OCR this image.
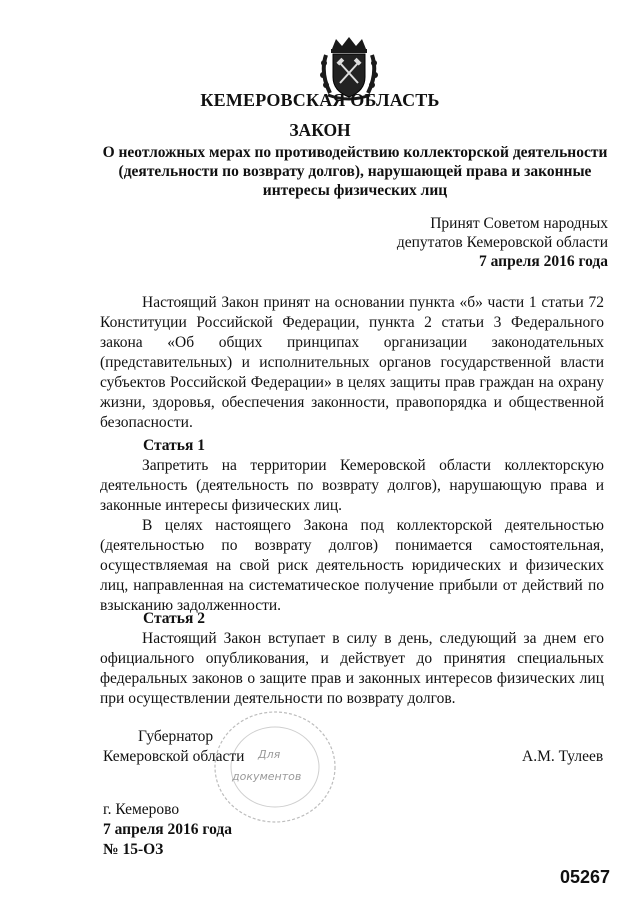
КЕМЕРОВСКАЯ ОБЛАСТЬ
ЗАКОН
О неотложных мерах по противодействию коллекторской деятельности
(деятельности по возврату долгов), нарушающей права и законные
интересы физических лиц
Принят Советом народных
депутатов Кемеровской области
7 апреля 2016 года
Настоящий Закон принят на основании пункта «б» части 1 статьи 72 Конституции Российской Федерации, пункта 2 статьи 3 Федерального закона «Об общих принципах организации законодательных (представительных) и исполнительных органов государственной власти субъектов Российской Федерации» в целях защиты прав граждан на охрану жизни, здоровья, обеспечения законности, правопорядка и общественной безопасности.
Статья 1
Запретить на территории Кемеровской области коллекторскую деятельность (деятельность по возврату долгов), нарушающую права и законные интересы физических лиц.
В целях настоящего Закона под коллекторской деятельностью (деятельностью по возврату долгов) понимается самостоятельная, осуществляемая на свой риск деятельность юридических и физических лиц, направленная на систематическое получение прибыли от действий по взысканию задолженности.
Статья 2
Настоящий Закон вступает в силу в день, следующий за днем его официального опубликования, и действует до принятия специальных федеральных законов о защите прав и законных интересов физических лиц при осуществлении деятельности по возврату долгов.
Для
документов
Губернатор
Кемеровской области	А.М. Тулеев
г. Кемерово
7 апреля 2016 года
№ 15-ОЗ
05267
